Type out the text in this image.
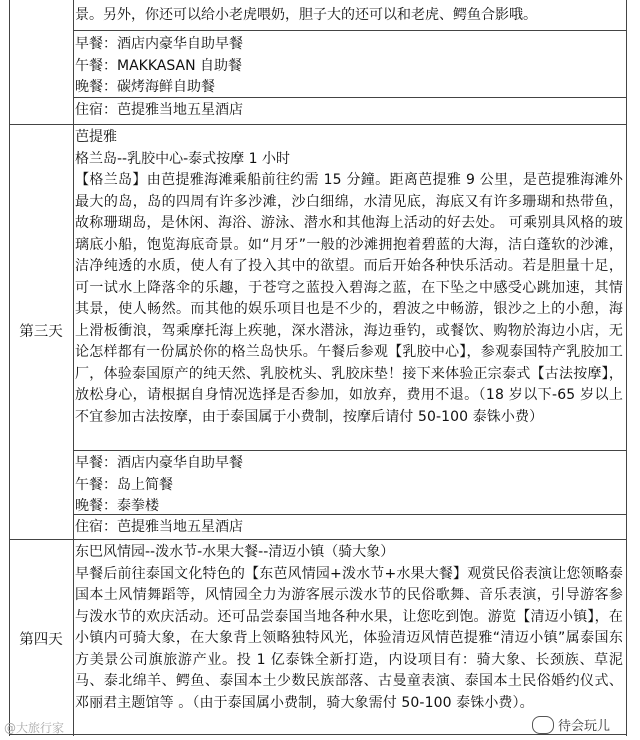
景。另外，你还可以给小老虎喂奶，胆子大的还可以和老虎、鳄鱼合影哦。

早餐：酒店内豪华自助早餐

午餐：MAKKASAN 自助餐

晚餐：碳烤海鲜自助餐

住宿：芭提雅当地五星酒店
第三天

芭提雅

格兰岛--乳胶中心-泰式按摩 1 小时

【格兰岛】由芭提雅海滩乘船前往约需 15 分鐘。距离芭提雅 9 公里，是芭提雅海滩外最大的岛，岛的四周有许多沙滩，沙白细绵，水清见底，海底又有许多珊瑚和热带鱼，故称珊瑚岛，是休闲、海浴、游泳、潜水和其他海上活动的好去处。 可乘别具风格的玻璃底小船，饱览海底奇景。如“月牙”一般的沙滩拥抱着碧蓝的大海，洁白蓬软的沙滩，洁净纯透的水质，使人有了投入其中的欲望。而后开始各种快乐活动。若是胆量十足，可一试水上降落伞的乐趣，于苍穹之蓝投入碧海之蓝，在下坠之中感受心跳加速，其情其景，使人畅然。而其他的娱乐项目也是不少的，碧波之中畅游，银沙之上的小憩，海上滑板衝浪，驾乘摩托海上疾驰，深水潜泳，海边垂钓，或餐饮、购物於海边小店，无论怎样都有一份属於你的格兰岛快乐。午餐后参观【乳胶中心】，参观泰国特产乳胶加工厂，体验泰国原产的纯天然、乳胶枕头、乳胶床垫！接下来体验正宗泰式【古法按摩】，放松身心，请根据自身情况选择是否参加，如放弃，费用不退。（18 岁以下-65 岁以上不宜参加古法按摩，由于泰国属于小费制，按摩后请付 50-100 泰铢小费）

早餐：酒店内豪华自助早餐

午餐：岛上简餐

晚餐：泰拳楼

住宿：芭提雅当地五星酒店
第四天

东巴风情园--泼水节-水果大餐--清迈小镇（骑大象）

早餐后前往泰国文化特色的【东芭风情园+泼水节+水果大餐】观赏民俗表演让您领略泰国本土风情舞蹈等，风情园全力为游客展示泼水节的民俗歌舞、音乐表演，引导游客参与泼水节的欢庆活动。还可品尝泰国当地各种水果，让您吃到饱。游览【清迈小镇】，在小镇内可骑大象，在大象背上领略独特风光，体验清迈风情芭提雅“清迈小镇”属泰国东方美景公司旗旅游产业。投 1 亿泰铢全新打造，内设项目有：骑大象、长颈族、草泥马、泰北绵羊、鳄鱼、泰国本土少数民族部落、古曼童表演、泰国本土民俗婚约仪式、邓丽君主题馆等 。（由于泰国属小费制，骑大象需付 50-100 泰铢小费）。

@大旅行家	待会玩儿
